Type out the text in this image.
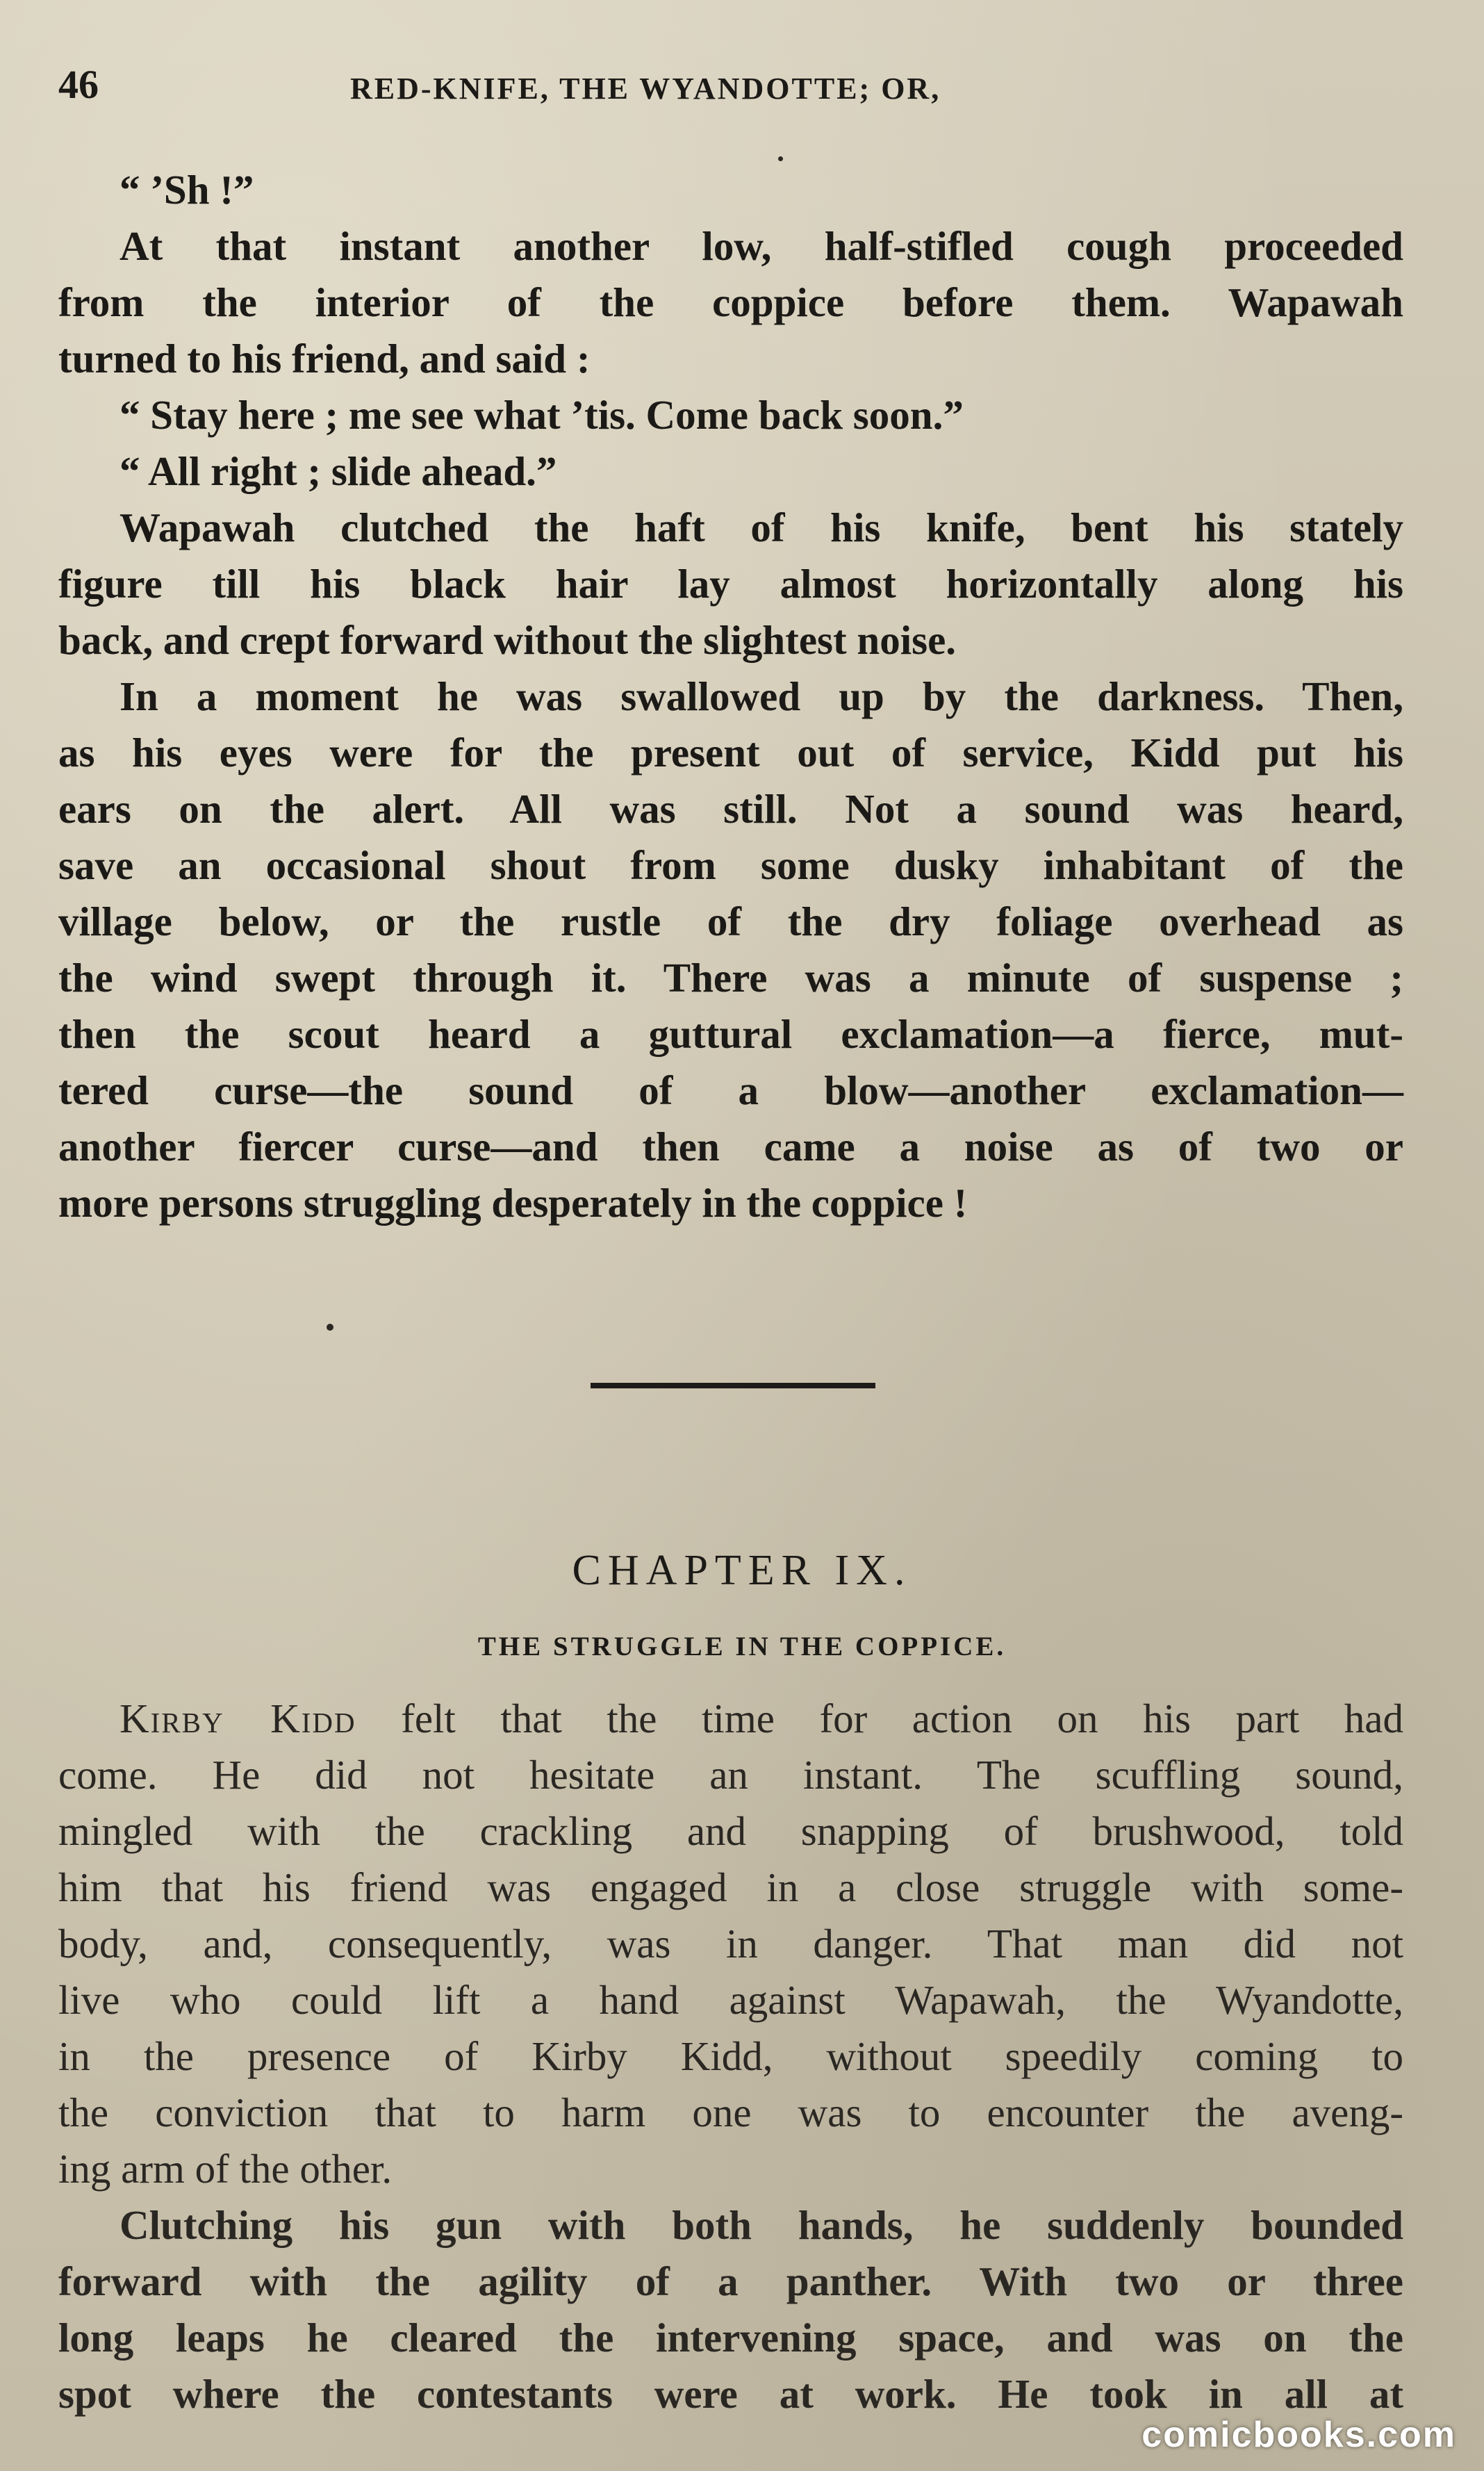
46	RED-KNIFE, THE WYANDOTTE; OR,
“ ’Sh !”
At that instant another low, half-stifled cough proceeded
from the interior of the coppice before them. Wapawah
turned to his friend, and said :
“ Stay here ; me see what ’tis. Come back soon.”
“ All right ; slide ahead.”
Wapawah clutched the haft of his knife, bent his stately
figure till his black hair lay almost horizontally along his
back, and crept forward without the slightest noise.
In a moment he was swallowed up by the darkness. Then,
as his eyes were for the present out of service, Kidd put his
ears on the alert. All was still. Not a sound was heard,
save an occasional shout from some dusky inhabitant of the
village below, or the rustle of the dry foliage overhead as
the wind swept through it. There was a minute of suspense ;
then the scout heard a guttural exclamation—a fierce, mut-
tered curse—the sound of a blow—another exclamation—
another fiercer curse—and then came a noise as of two or
more persons struggling desperately in the coppice !
CHAPTER IX.
THE STRUGGLE IN THE COPPICE.
Kirby Kidd felt that the time for action on his part had
come. He did not hesitate an instant. The scuffling sound,
mingled with the crackling and snapping of brushwood, told
him that his friend was engaged in a close struggle with some-
body, and, consequently, was in danger. That man did not
live who could lift a hand against Wapawah, the Wyandotte,
in the presence of Kirby Kidd, without speedily coming to
the conviction that to harm one was to encounter the aveng-
ing arm of the other.
Clutching his gun with both hands, he suddenly bounded
forward with the agility of a panther. With two or three
long leaps he cleared the intervening space, and was on the
spot where the contestants were at work. He took in all at
comicbooks.com
